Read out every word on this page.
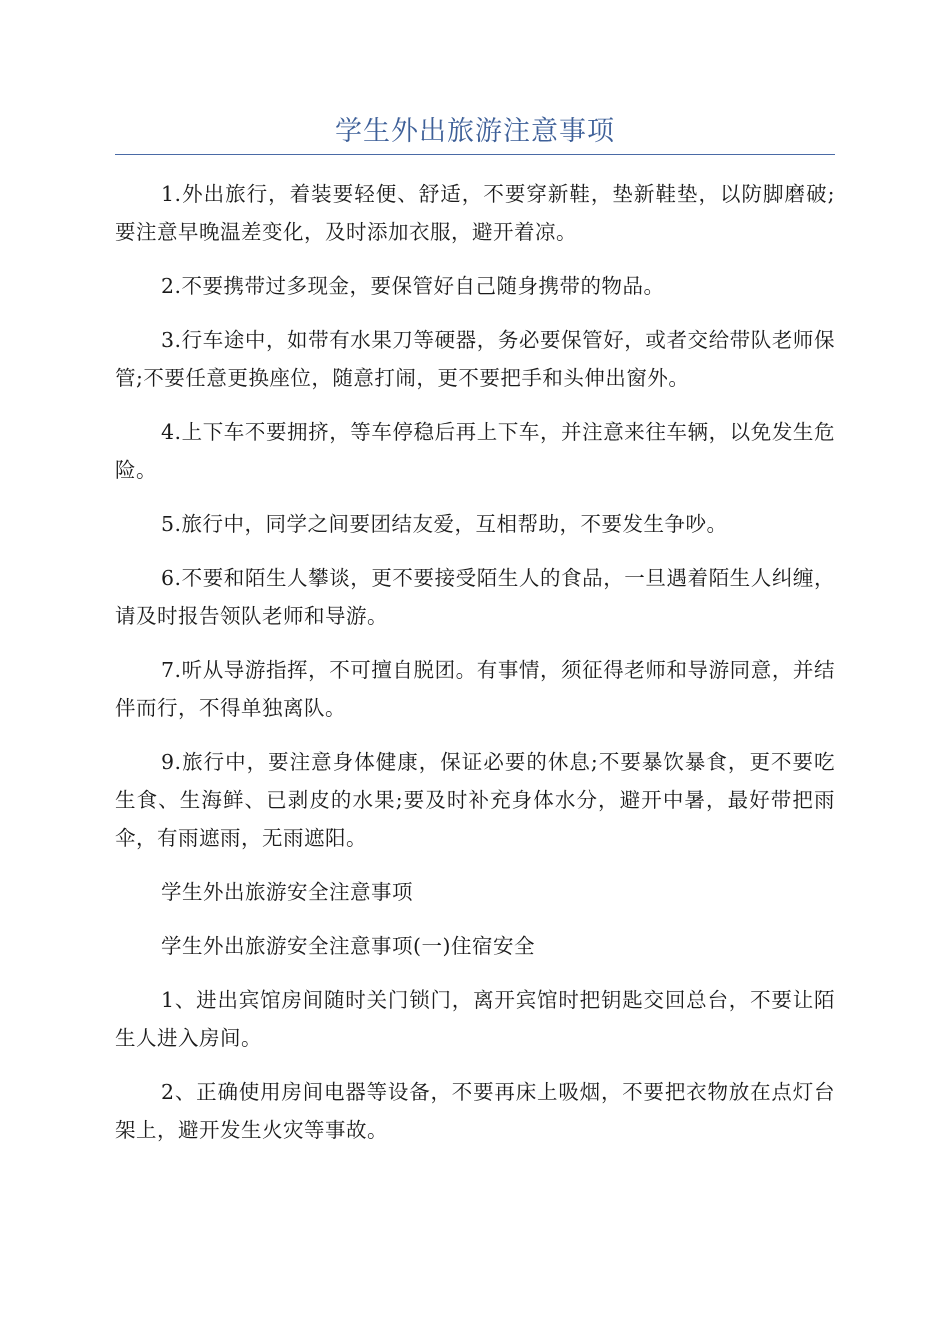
学生外出旅游注意事项

1.外出旅行，着装要轻便、舒适，不要穿新鞋，垫新鞋垫，以防脚磨破;要注意早晚温差变化，及时添加衣服，避开着凉。

2.不要携带过多现金，要保管好自己随身携带的物品。

3.行车途中，如带有水果刀等硬器，务必要保管好，或者交给带队老师保管;不要任意更换座位，随意打闹，更不要把手和头伸出窗外。

4.上下车不要拥挤，等车停稳后再上下车，并注意来往车辆，以免发生危险。

5.旅行中，同学之间要团结友爱，互相帮助，不要发生争吵。

6.不要和陌生人攀谈，更不要接受陌生人的食品，一旦遇着陌生人纠缠，请及时报告领队老师和导游。

7.听从导游指挥，不可擅自脱团。有事情，须征得老师和导游同意，并结伴而行，不得单独离队。

9.旅行中，要注意身体健康，保证必要的休息;不要暴饮暴食，更不要吃生食、生海鲜、已剥皮的水果;要及时补充身体水分，避开中暑，最好带把雨伞，有雨遮雨，无雨遮阳。

学生外出旅游安全注意事项

学生外出旅游安全注意事项(一)住宿安全

1、进出宾馆房间随时关门锁门，离开宾馆时把钥匙交回总台，不要让陌生人进入房间。

2、正确使用房间电器等设备，不要再床上吸烟，不要把衣物放在点灯台架上，避开发生火灾等事故。
